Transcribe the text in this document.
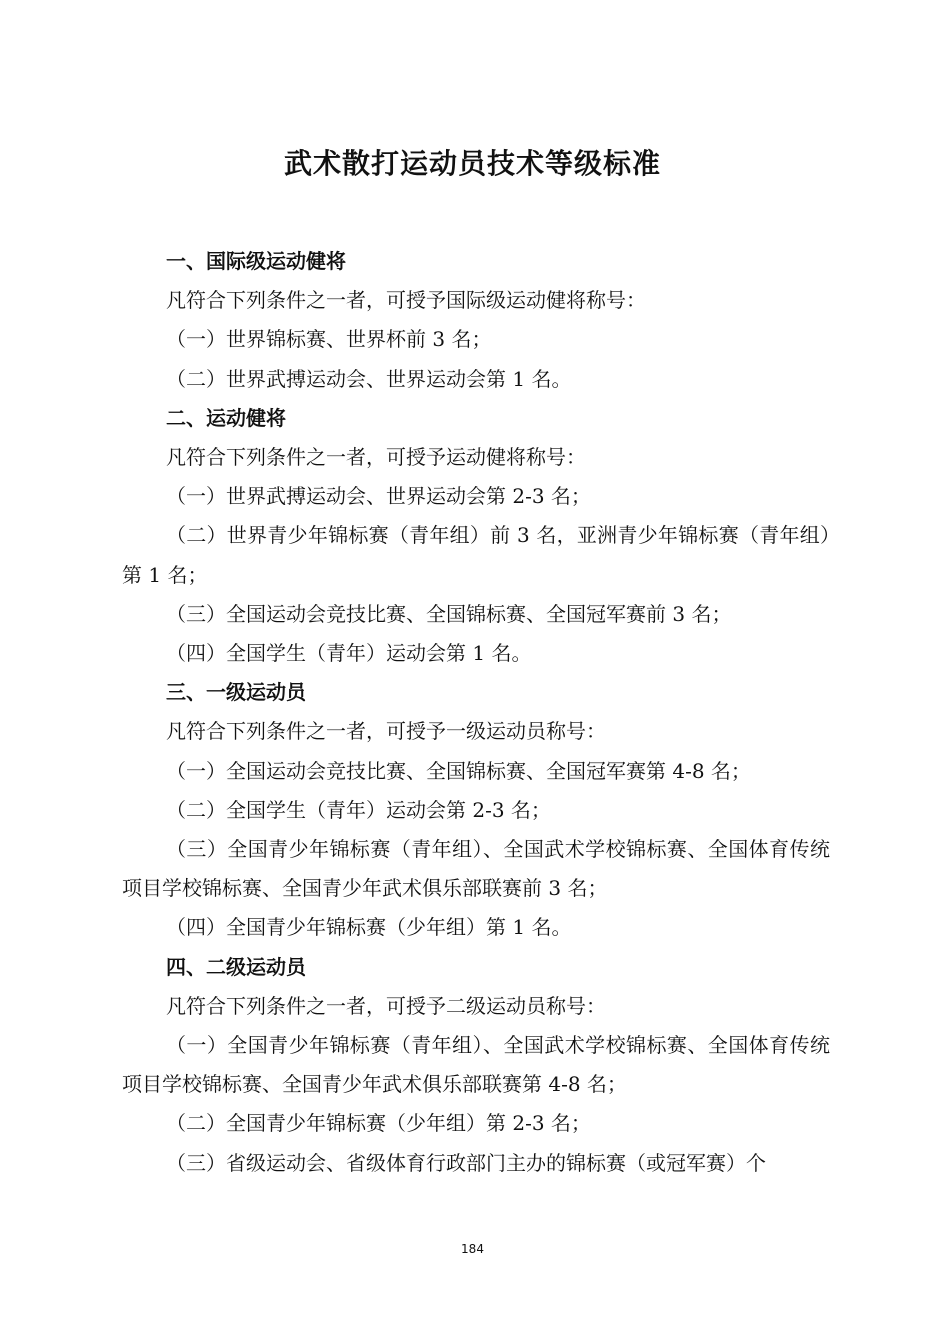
武术散打运动员技术等级标准

一、国际级运动健将

凡符合下列条件之一者，可授予国际级运动健将称号：

（一）世界锦标赛、世界杯前 3 名；

（二）世界武搏运动会、世界运动会第 1 名。

二、运动健将

凡符合下列条件之一者，可授予运动健将称号：

（一）世界武搏运动会、世界运动会第 2-3 名；

（二）世界青少年锦标赛（青年组）前 3 名，亚洲青少年锦标赛（青年组）第 1 名；

（三）全国运动会竞技比赛、全国锦标赛、全国冠军赛前 3 名；

（四）全国学生（青年）运动会第 1 名。

三、一级运动员

凡符合下列条件之一者，可授予一级运动员称号：

（一）全国运动会竞技比赛、全国锦标赛、全国冠军赛第 4-8 名；

（二）全国学生（青年）运动会第 2-3 名；

（三）全国青少年锦标赛（青年组）、全国武术学校锦标赛、全国体育传统项目学校锦标赛、全国青少年武术俱乐部联赛前 3 名；

（四）全国青少年锦标赛（少年组）第 1 名。

四、二级运动员

凡符合下列条件之一者，可授予二级运动员称号：

（一）全国青少年锦标赛（青年组）、全国武术学校锦标赛、全国体育传统项目学校锦标赛、全国青少年武术俱乐部联赛第 4-8 名；

（二）全国青少年锦标赛（少年组）第 2-3 名；

（三）省级运动会、省级体育行政部门主办的锦标赛（或冠军赛）个

184
